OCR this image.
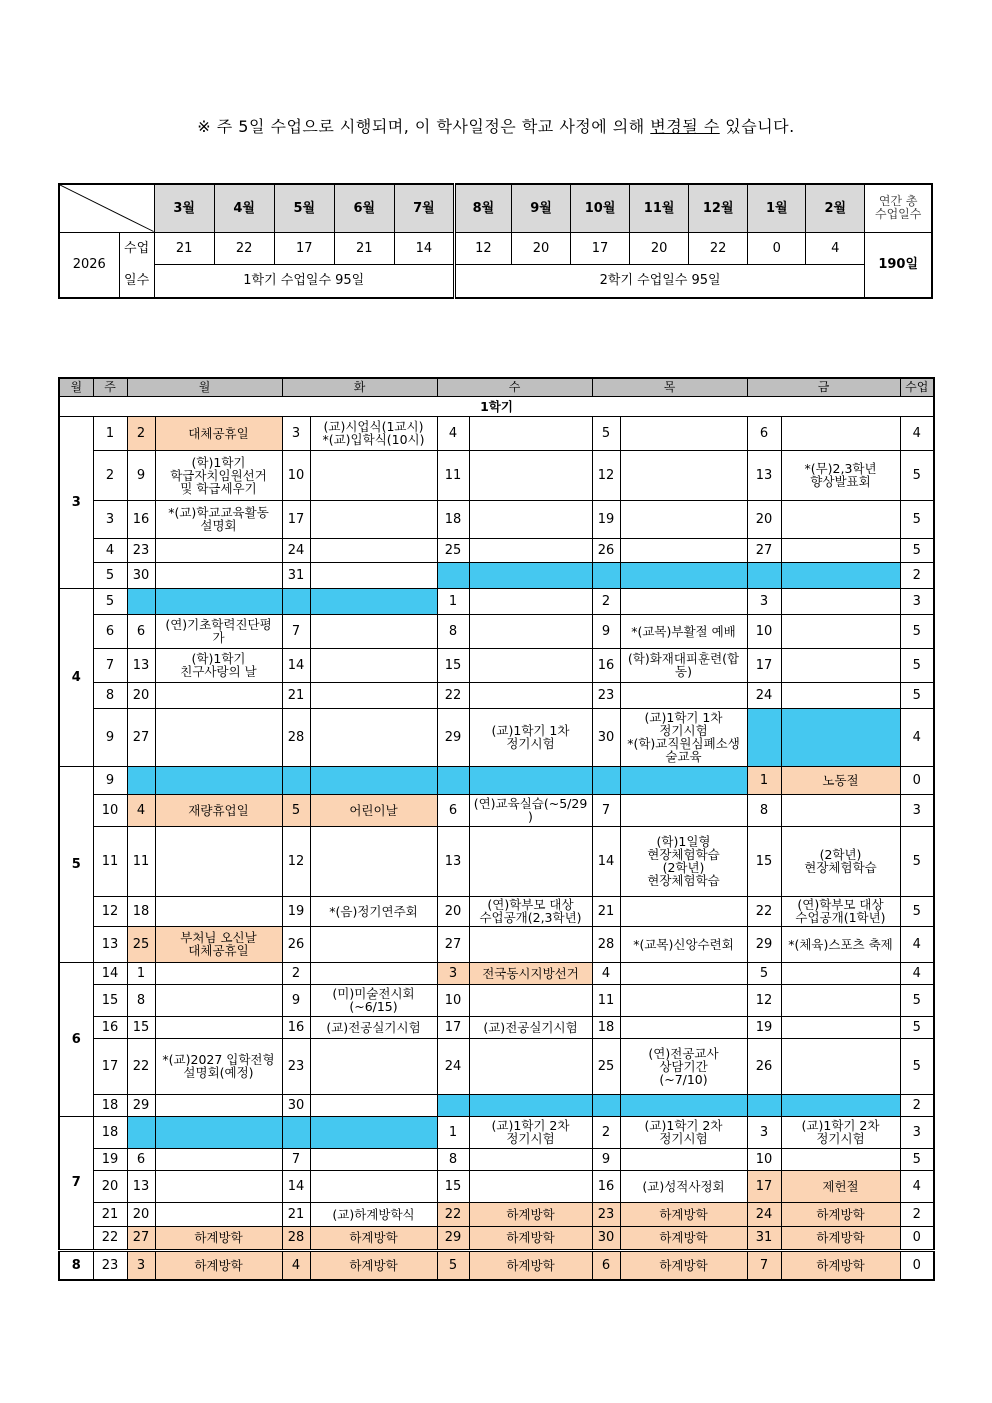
※ 주 5일 수업으로 시행되며, 이 학사일정은 학교 사정에 의해 변경될 수 있습니다.
	3월	4월	5월	6월	7월	8월	9월	10월	11월	12월	1월	2월	연간 총
수업일수
2026	수업	21	22	17	21	14	12	20	17	20	22	0	4	190일
	일수	1학기 수업일수 95일					2학기 수업일수 95일							
월	주	월		화		수		목		금		수업
1학기												
3	1	2	대체공휴일	3	(교)시업식(1교시)
*(교)입학식(10시)	4		5		6		4
	2	9	(학)1학기
학급자치임원선거
및 학급세우기	10		11		12		13	*(무)2,3학년
향상발표회	5
	3	16	*(교)학교교육활동
설명회	17		18		19		20		5
	4	23		24		25		26		27		5
	5	30		31								2
4	5					1		2		3		3
	6	6	(연)기초학력진단평
가	7		8		9	*(교목)부활절 예배	10		5
	7	13	(학)1학기
친구사랑의 날	14		15		16	(학)화재대피훈련(합
동)	17		5
	8	20		21		22		23		24		5
	9	27		28		29	(교)1학기 1차
정기시험	30	(교)1학기 1차
정기시험
*(학)교직원심폐소생
술교육			4
5	9									1	노동절	0
	10	4	재량휴업일	5	어린이날	6	(연)교육실습(~5/29
)	7		8		3
	11	11		12		13		14	(학)1일형
현장체험학습
(2학년)
현장체험학습	15	(2학년)
현장체험학습	5
	12	18		19	*(음)정기연주회	20	(연)학부모 대상
수업공개(2,3학년)	21		22	(연)학부모 대상
수업공개(1학년)	5
	13	25	부처님 오신날
대체공휴일	26		27		28	*(교목)신앙수련회	29	*(체육)스포츠 축제	4
6	14	1		2		3	전국동시지방선거	4		5		4
	15	8		9	(미)미술전시회
(~6/15)	10		11		12		5
	16	15		16	(교)전공실기시험	17	(교)전공실기시험	18		19		5
	17	22	*(교)2027 입학전형
설명회(예정)	23		24		25	(연)전공교사
상담기간
(~7/10)	26		5
	18	29		30								2
7	18					1	(교)1학기 2차
정기시험	2	(교)1학기 2차
정기시험	3	(교)1학기 2차
정기시험	3
	19	6		7		8		9		10		5
	20	13		14		15		16	(교)성적사정회	17	제헌절	4
	21	20		21	(교)하계방학식	22	하계방학	23	하계방학	24	하계방학	2
	22	27	하계방학	28	하계방학	29	하계방학	30	하계방학	31	하계방학	0
8	23	3	하계방학	4	하계방학	5	하계방학	6	하계방학	7	하계방학	0
